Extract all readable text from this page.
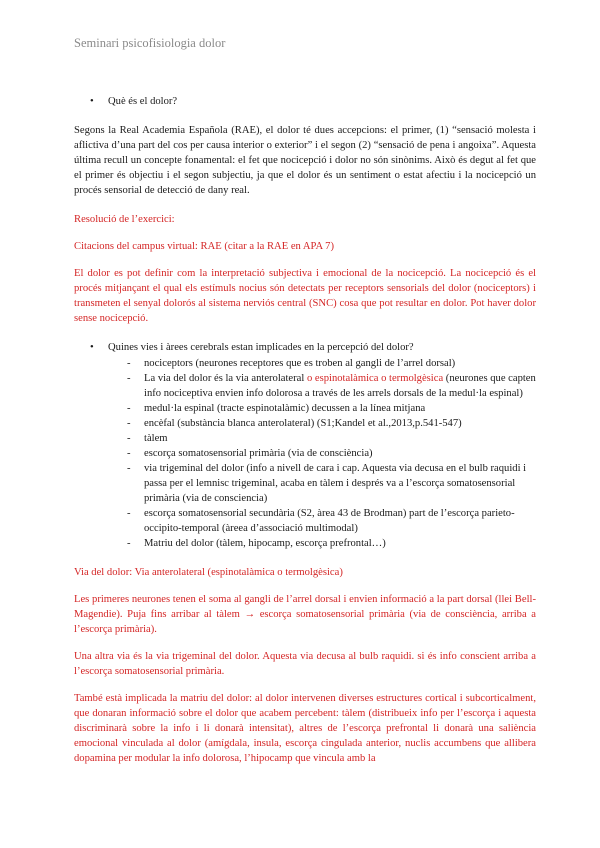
Seminari psicofisiologia dolor
• Què és el dolor?

Segons la Real Academia Española (RAE), el dolor té dues accepcions: el primer, (1) “sensació molesta i aflictiva d’una part del cos per causa interior o exterior” i el segon (2) “sensació de pena i angoixa”. Aquesta última recull un concepte fonamental: el fet que nocicepció i dolor no són sinònims. Això és degut al fet que el primer és objectiu i el segon subjectiu, ja que el dolor és un sentiment o estat afectiu i la nocicepció un procés sensorial de detecció de dany real.

Resolució de l’exercici:

Citacions del campus virtual: RAE (citar a la RAE en APA 7)

El dolor es pot definir com la interpretació subjectiva i emocional de la nocicepció. La nocicepció és el procés mitjançant el qual els estímuls nocius són detectats per receptors sensorials del dolor (nociceptors) i transmeten el senyal dolorós al sistema nerviós central (SNC) cosa que pot resultar en dolor. Pot haver dolor sense nocicepció.

• Quines vies i àrees cerebrals estan implicades en la percepció del dolor?
- nociceptors (neurones receptores que es troben al gangli de l’arrel dorsal)
- La via del dolor és la via anterolateral o espinotalàmica o termolgèsica (neurones que capten info nociceptiva envien info dolorosa a través de les arrels dorsals de la medul·la espinal)
- medul·la espinal (tracte espinotalàmic) decussen a la línea mitjana
- encèfal (substància blanca anterolateral) (S1;Kandel et al.,2013,p.541-547)
- tàlem
- escorça somatosensorial primària (via de consciència)
- via trigeminal del dolor (info a nivell de cara i cap. Aquesta via decusa en el bulb raquidi i passa per el lemnisc trigeminal, acaba en tàlem i després va a l’escorça somatosensorial primària (via de consciencia)
- escorça somatosensorial secundària (S2, àrea 43 de Brodman) part de l’escorça parieto-occipito-temporal (àreea d’associació multimodal)
- Matriu del dolor (tàlem, hipocamp, escorça prefrontal…)

Via del dolor: Via anterolateral (espinotalàmica o termolgèsica)

Les primeres neurones tenen el soma al gangli de l’arrel dorsal i envien informació a la part dorsal (llei Bell-Magendie). Puja fins arribar al tàlem → escorça somatosensorial primària (via de consciència, arriba a l’escorça primària).

Una altra via és la via trigeminal del dolor. Aquesta via decusa al bulb raquidi. si és info conscient arriba a l’escorça somatosensorial primària.

També està implicada la matriu del dolor: al dolor intervenen diverses estructures cortical i subcorticalment, que donaran informació sobre el dolor que acabem percebent: tàlem (distribueix info per l’escorça i aquesta discriminarà sobre la info i li donarà intensitat), altres de l’escorça prefrontal li donarà una saliència emocional vinculada al dolor (amígdala, insula, escorça cingulada anterior, nuclis accumbens que allibera dopamina per modular la info dolorosa, l’hipocamp que vincula amb la
